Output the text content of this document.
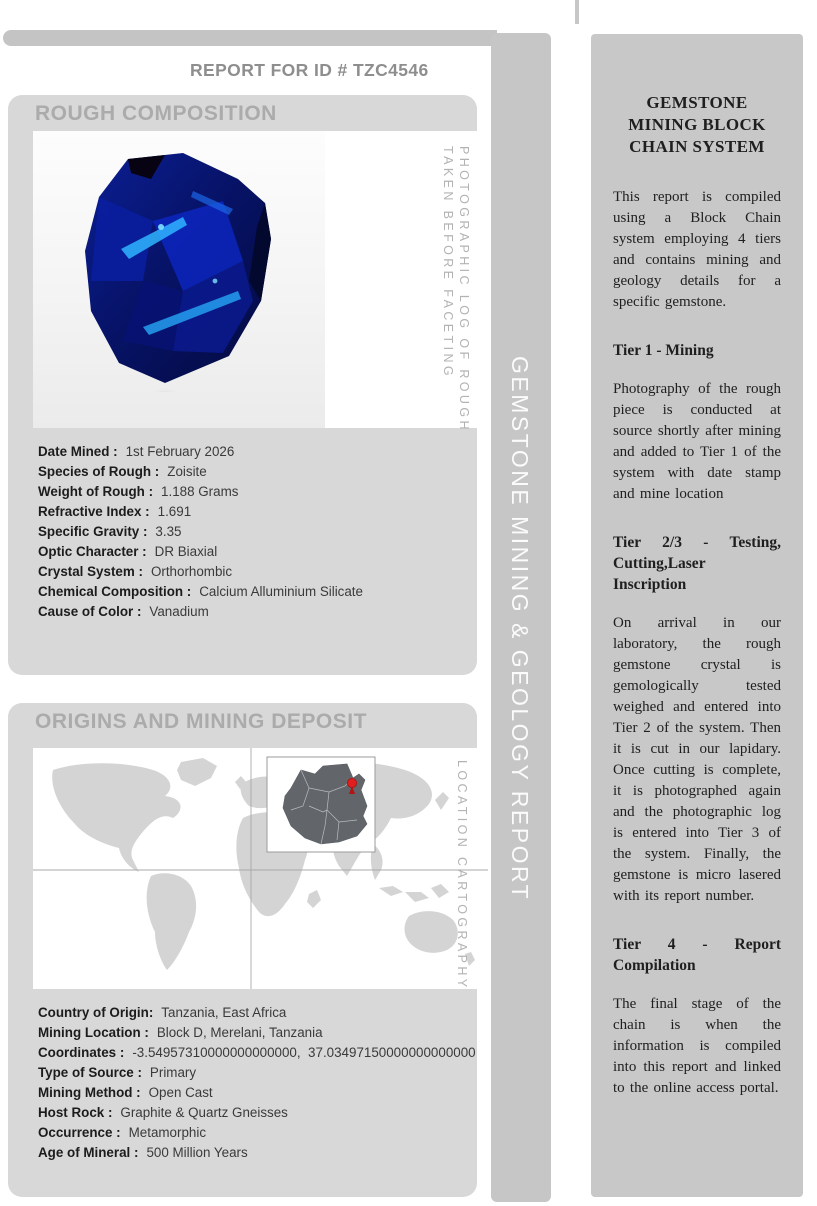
REPORT FOR ID # TZC4546
ROUGH COMPOSITION
PHOTOGRAPHIC LOG OF ROUGH
TAKEN BEFORE FACETING
Date Mined : 1st February 2026
Species of Rough : Zoisite
Weight of Rough : 1.188 Grams
Refractive Index : 1.691
Specific Gravity : 3.35
Optic Character : DR Biaxial
Crystal System : Orthorhombic
Chemical Composition : Calcium Alluminium Silicate
Cause of Color : Vanadium
ORIGINS AND MINING DEPOSIT
LOCATION CARTOGRAPHY
Country of Origin: Tanzania, East Africa
Mining Location : Block D, Merelani, Tanzania
Coordinates : -3.54957310000000000000,  37.03497150000000000000
Type of Source : Primary
Mining Method : Open Cast
Host Rock : Graphite & Quartz Gneisses
Occurrence : Metamorphic
Age of Mineral : 500 Million Years
GEMSTONE MINING & GEOLOGY REPORT
GEMSTONE
MINING BLOCK
CHAIN SYSTEM

This report is compiled using a Block Chain system employing 4 tiers and contains mining and geology details for a specific gemstone.

Tier 1 - Mining

Photography of the rough piece is conducted at source shortly after mining and added to Tier 1 of the system with date stamp and mine location

Tier 2/3 - Testing, Cutting,Laser Inscription

On arrival in our laboratory, the rough gemstone crystal is gemologically tested weighed and entered into Tier 2 of the system. Then it is cut in our lapidary. Once cutting is complete, it is photographed again and the photographic log is entered into Tier 3 of the system. Finally, the gemstone is micro lasered with its report number.

Tier 4 - Report Compilation

The final stage of the chain is when the information is compiled into this report and linked to the online access portal.
